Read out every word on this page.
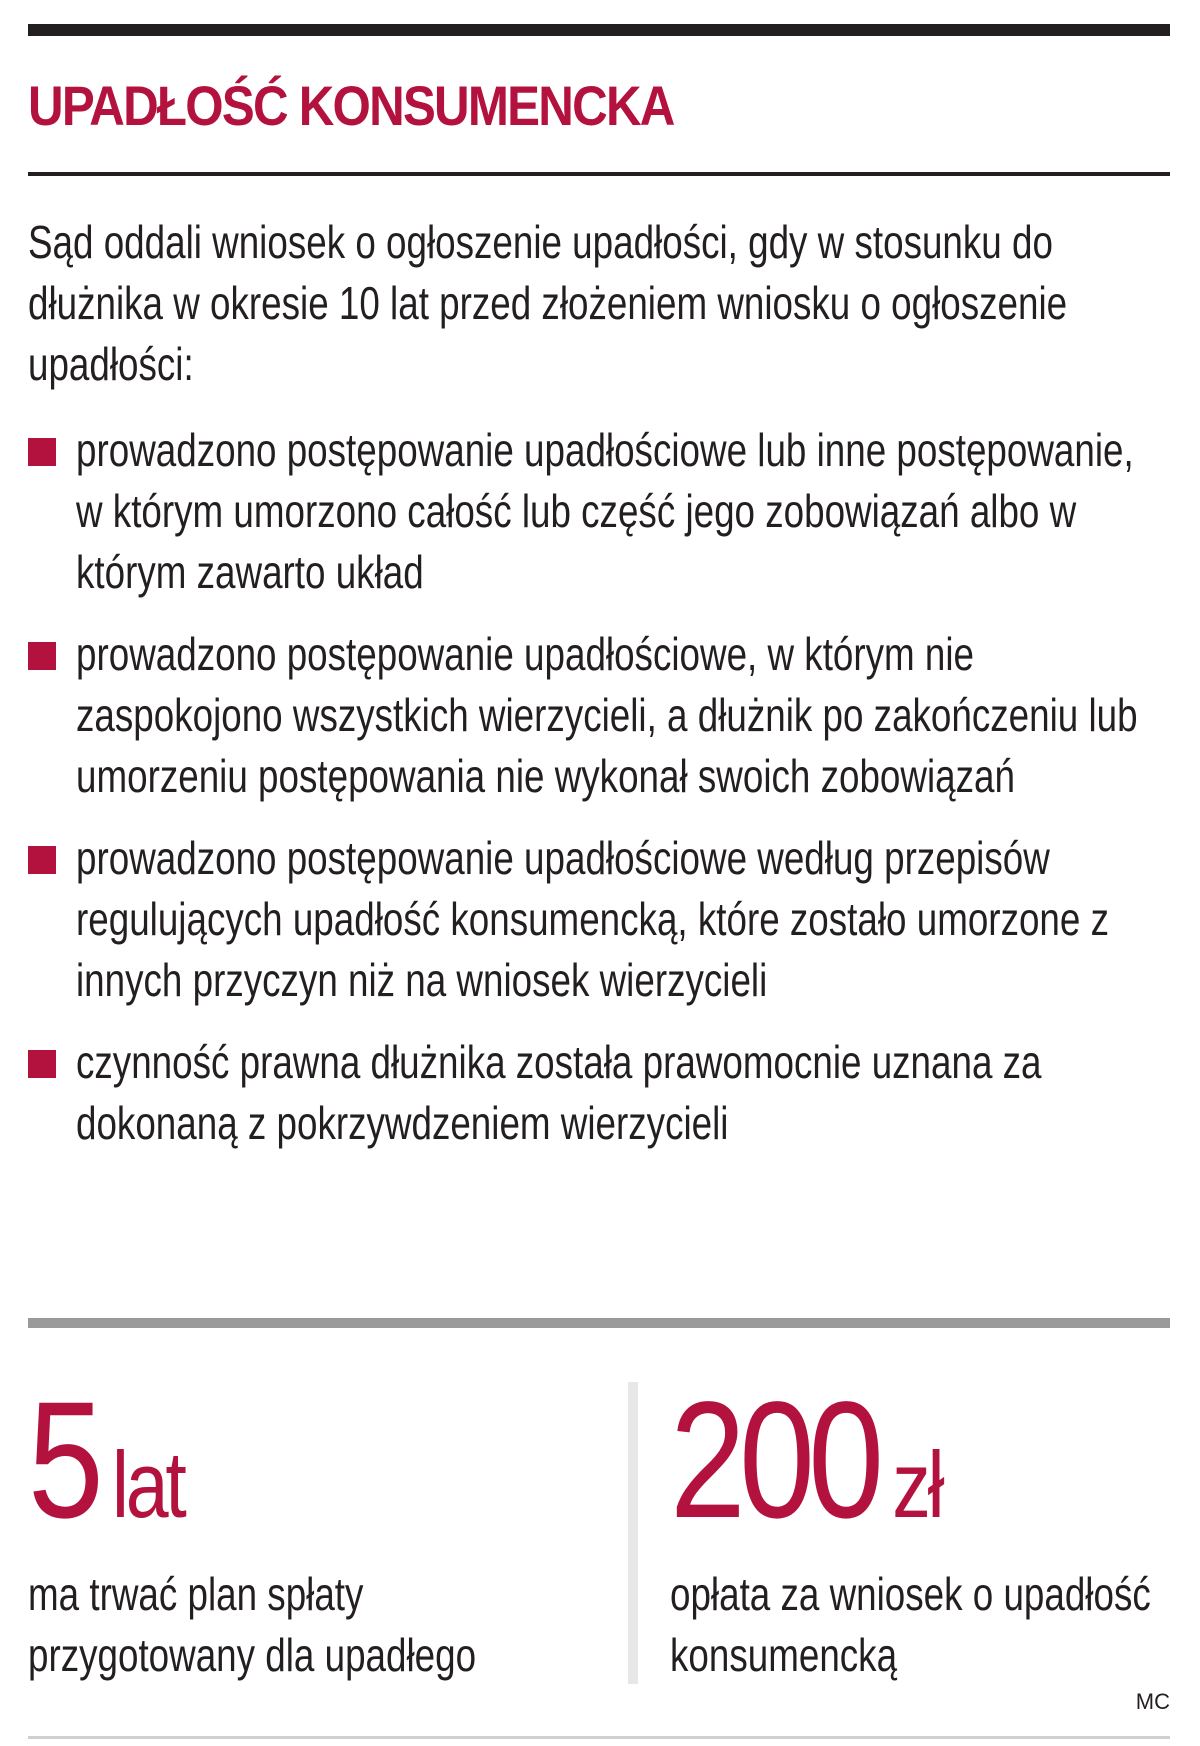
UPADŁOŚĆ KONSUMENCKA

Sąd oddali wniosek o ogłoszenie upadłości, gdy w stosunku do dłużnika w okresie 10 lat przed złożeniem wniosku o ogłoszenie upadłości:

prowadzono postępowanie upadłościowe lub inne postępowanie, w którym umorzono całość lub część jego zobowiązań albo w którym zawarto układ
prowadzono postępowanie upadłościowe, w którym nie zaspokojono wszystkich wierzycieli, a dłużnik po zakończeniu lub umorzeniu postępowania nie wykonał swoich zobowiązań
prowadzono postępowanie upadłościowe według przepisów regulujących upadłość konsumencką, które zostało umorzone z innych przyczyn niż na wniosek wierzycieli
czynność prawna dłużnika została prawomocnie uznana za dokonaną z pokrzywdzeniem wierzycieli
5 lat
ma trwać plan spłaty przygotowany dla upadłego
200 zł
opłata za wniosek o upadłość konsumencką
MC
